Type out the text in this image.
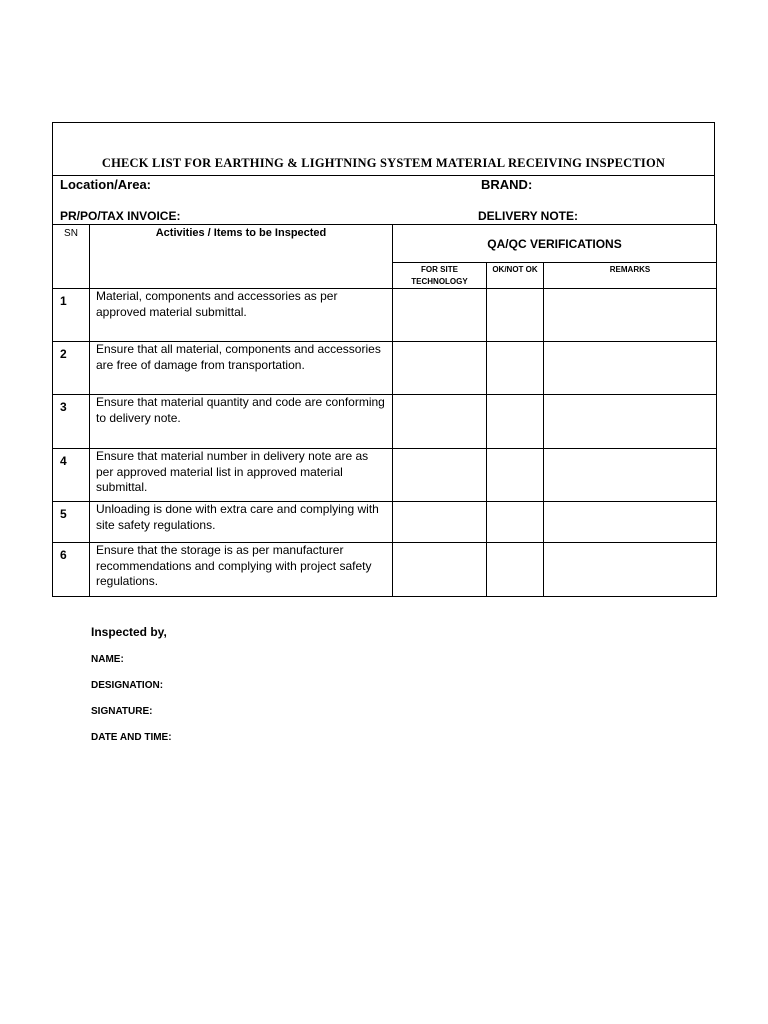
CHECK LIST FOR EARTHING & LIGHTNING SYSTEM MATERIAL RECEIVING INSPECTION
Location/Area:	BRAND:
PR/PO/TAX INVOICE:	DELIVERY NOTE:
SN	Activities / Items to be Inspected	QA/QC VERIFICATIONS		
		FOR SITE TECHNOLOGY	OK/NOT OK	REMARKS
1	Material, components and accessories as per approved material submittal.			
2	Ensure that all material, components and accessories are free of damage from transportation.			
3	Ensure that material quantity and code are conforming to delivery note.			
4	Ensure that material number in delivery note are as per approved material list in approved material submittal.			
5	Unloading is done with extra care and complying with site safety regulations.			
6	Ensure that the storage is as per manufacturer recommendations and complying with project safety regulations.			
Inspected by,
NAME:
DESIGNATION:
SIGNATURE:
DATE AND TIME:
